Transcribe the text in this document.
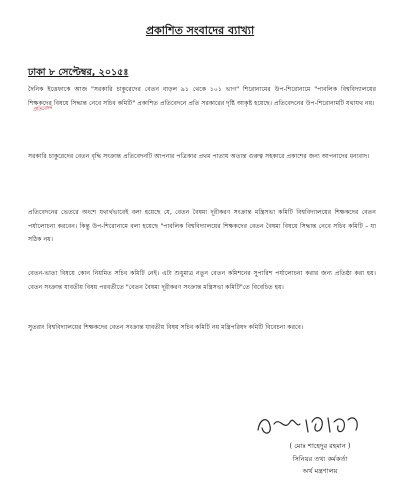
প্রকাশিত সংবাদের ব্যাখ্যা
ঢাকা ৮ সেপ্টেম্বর, ২০১৫ঃ
দৈনিক ইত্তেফাকে আজ "সরকারি চাকুরেদের বেতন বাড়ল ৯১ থেকে ১০১ ভাগ" শিরোনামের উপ-শিরোনামে "পাবলিক বিশ্ববিদ্যালয়ের শিক্ষকদের বিষয়ে সিদ্ধান্ত নেবে সচিব কমিটি" প্রকাশিত প্রতিবেদনে প্রতি সরকারের দৃষ্টি আকৃষ্ট হয়েছে। প্রতিবেদনের উপ-শিরোনামটি যথাযথ নয়।
প্রতিবেদন
সরকারি চাকুরেদের বেতন বৃদ্ধি সংক্রান্ত প্রতিবেদনটি আপনার পত্রিকার প্রথম পাতায় অত্যন্ত গুরুত্ব সহকারে প্রকাশের জন্য আপনাদের ধন্যবাদ।
প্রতিবেদনের ভেতরে অংশে যথার্থভাবেই বলা হয়েছে যে, বেতন বৈষম্য দূরীকরণ সংক্রান্ত মন্ত্রিসভা কমিটি বিশ্ববিদ্যালয়ের শিক্ষকদের বেতন পর্যালোচনা করবেন। কিন্তু উপ-শিরোনামে বলা হয়েছে "পাবলিক বিশ্ববিদ্যালয়ের শিক্ষকদের বেতন বৈষম্য বিষয়ে সিদ্ধান্ত নেবে সচিব কমিটি – যা সঠিক নয়।
বেতন-ভাতা বিষয়ে কোন নিয়মিত সচিব কমিটি নেই। এটা শুধুমাত্র নতুন বেতন কমিশনের সুপারিশ পর্যালোচনা করার জন্য প্রতিষ্ঠা করা হয়। বেতন সংক্রান্ত যাবতীয় বিষয় পরবর্তীতে "বেতন বৈষম্য দূরীকরণ সংক্রান্ত মন্ত্রিসভা কমিটি"তে বিবেচিত হয়।
সুতরাং বিশ্ববিদ্যালয়ের শিক্ষকদের বেতন সংক্রান্ত যাবতীয় বিষয় সচিব কমিটি নয় মন্ত্রিপরিষদ কমিটি বিবেচনা করবে।
( মোঃ শাহেদুর রহমান )
সিনিয়র তথ্য কর্মকর্তা
অর্থ মন্ত্রণালয়
